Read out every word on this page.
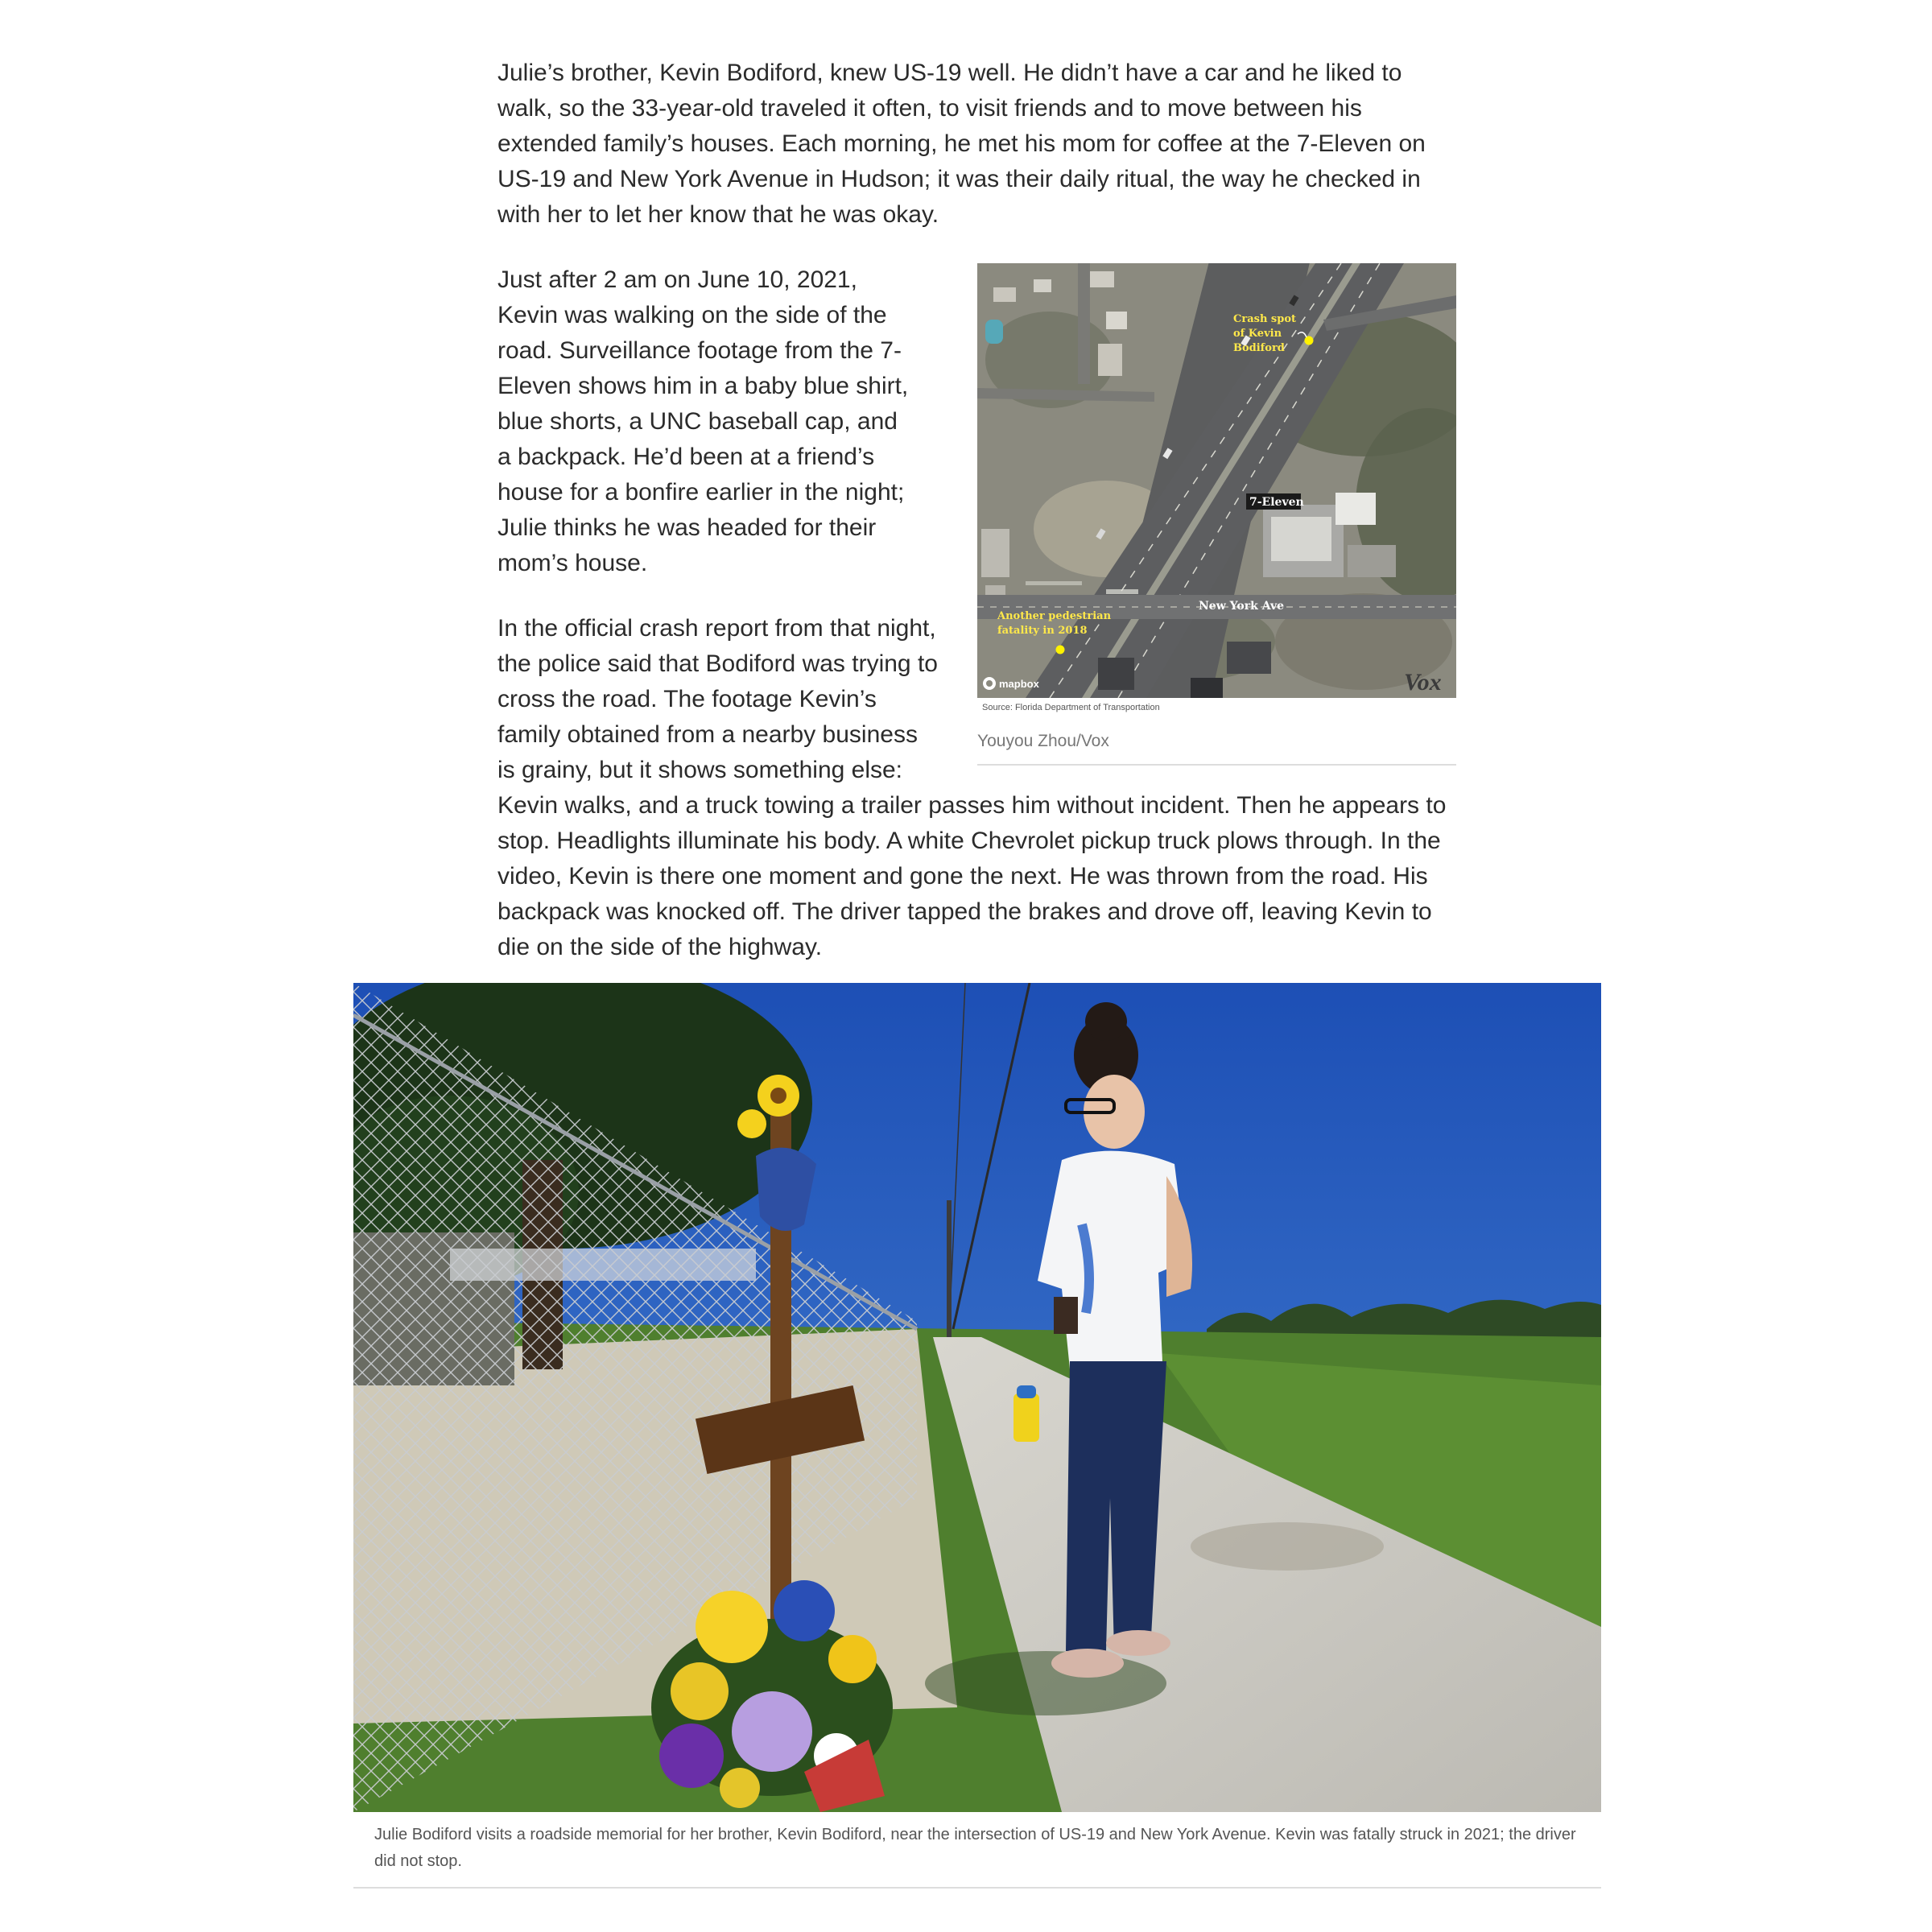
Julie’s brother, Kevin Bodiford, knew US-19 well. He didn’t have a car and he liked to walk, so the 33-year-old traveled it often, to visit friends and to move between his extended family’s houses. Each morning, he met his mom for coffee at the 7-Eleven on US-19 and New York Avenue in Hudson; it was their daily ritual, the way he checked in with her to let her know that he was okay.

Just after 2 am on June 10, 2021, Kevin was walking on the side of the road. Surveillance footage from the 7-Eleven shows him in a baby blue shirt, blue shorts, a UNC baseball cap, and a backpack. He’d been at a friend’s house for a bonfire earlier in the night; Julie thinks he was headed for their mom’s house.

Crash spot
of Kevin
Bodiford
7-Eleven
New York Ave
Another pedestrian
fatality in 2018
mapbox	Vox
Source: Florida Department of Transportation
Youyou Zhou/Vox

In the official crash report from that night, the police said that Bodiford was trying to cross the road. The footage Kevin’s family obtained from a nearby business is grainy, but it shows something else: Kevin walks, and a truck towing a trailer passes him without incident. Then he appears to stop. Headlights illuminate his body. A white Chevrolet pickup truck plows through. In the video, Kevin is there one moment and gone the next. He was thrown from the road. His backpack was knocked off. The driver tapped the brakes and drove off, leaving Kevin to die on the side of the highway.

Julie Bodiford visits a roadside memorial for her brother, Kevin Bodiford, near the intersection of US-19 and New York Avenue. Kevin was fatally struck in 2021; the driver did not stop.
